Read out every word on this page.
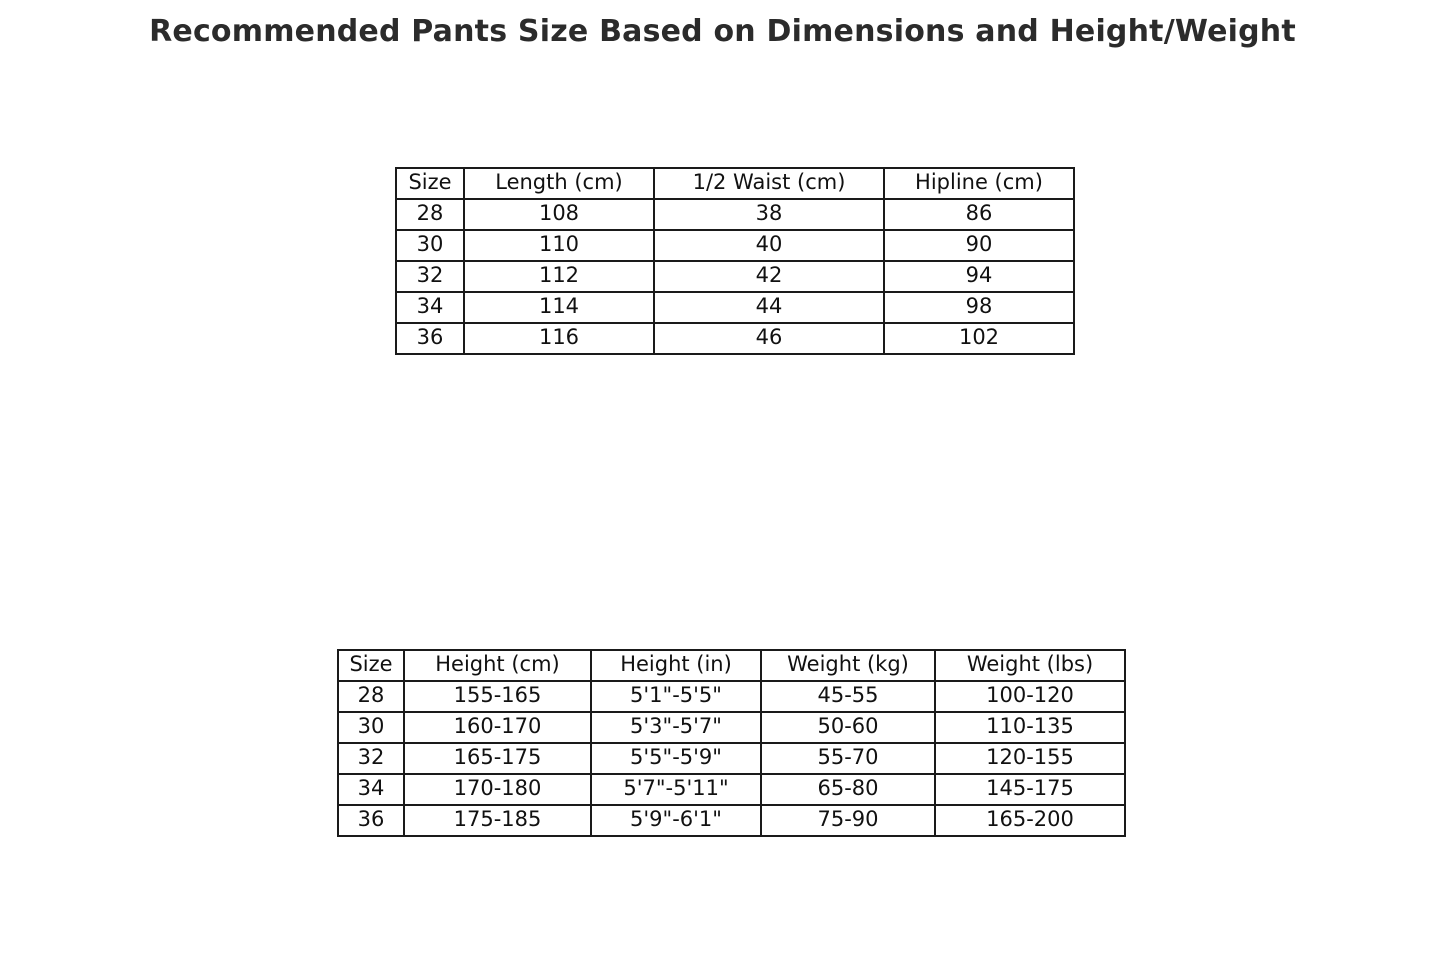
Recommended Pants Size Based on Dimensions and Height/Weight
Size	Length (cm)	1/2 Waist (cm)	Hipline (cm)
28	108	38	86
30	110	40	90
32	112	42	94
34	114	44	98
36	116	46	102
Size	Height (cm)	Height (in)	Weight (kg)	Weight (lbs)
28	155-165	5'1"-5'5"	45-55	100-120
30	160-170	5'3"-5'7"	50-60	110-135
32	165-175	5'5"-5'9"	55-70	120-155
34	170-180	5'7"-5'11"	65-80	145-175
36	175-185	5'9"-6'1"	75-90	165-200
